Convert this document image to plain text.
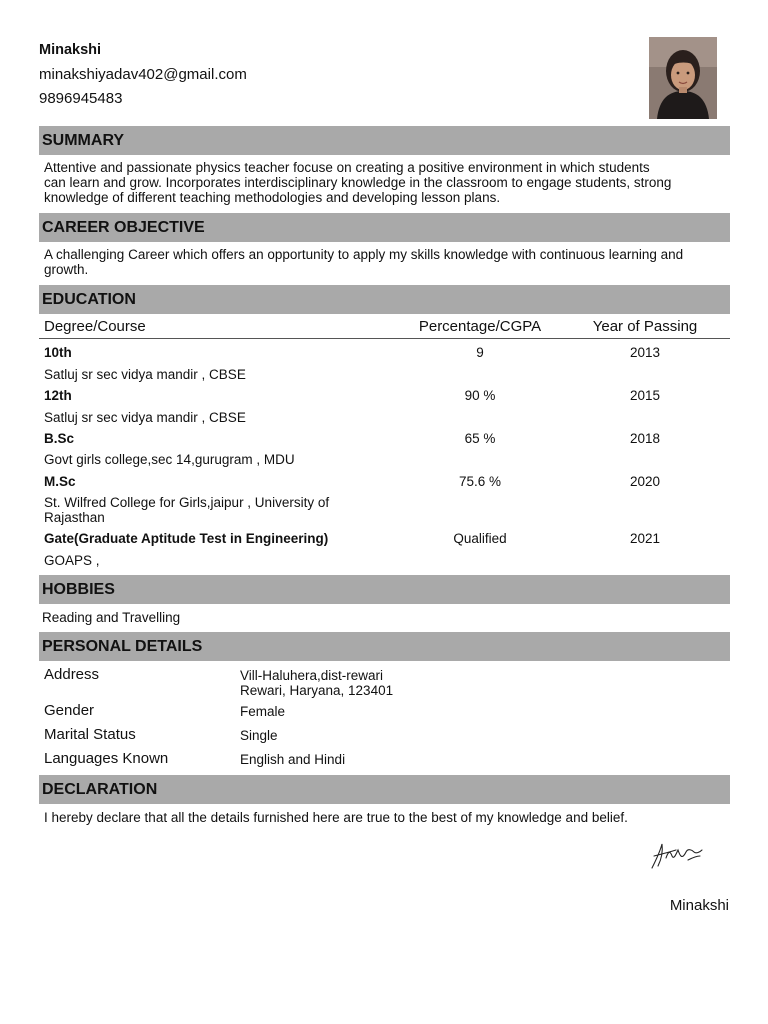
Minakshi
minakshiyadav402@gmail.com
9896945483
SUMMARY
Attentive and passionate physics teacher focuse on creating a positive environment in which students
can learn and grow. Incorporates interdisciplinary knowledge in the classroom to engage students, strong
knowledge of different teaching methodologies and developing lesson plans.
CAREER OBJECTIVE
A challenging Career which offers an opportunity to apply my skills knowledge with continuous learning and
growth.
EDUCATION
Degree/Course	Percentage/CGPA	Year of Passing
10th	9	2013
Satluj sr sec vidya mandir , CBSE
12th	90 %	2015
Satluj sr sec vidya mandir , CBSE
B.Sc	65 %	2018
Govt girls college,sec 14,gurugram , MDU
M.Sc	75.6 %	2020
St. Wilfred College for Girls,jaipur , University of
Rajasthan
Gate(Graduate Aptitude Test in Engineering)	Qualified	2021
GOAPS ,
HOBBIES
Reading and Travelling
PERSONAL DETAILS
Address	Vill-Haluhera,dist-rewari
Rewari, Haryana, 123401
Gender	Female
Marital Status	Single
Languages Known	English and Hindi
DECLARATION
I hereby declare that all the details furnished here are true to the best of my knowledge and belief.
Minakshi
